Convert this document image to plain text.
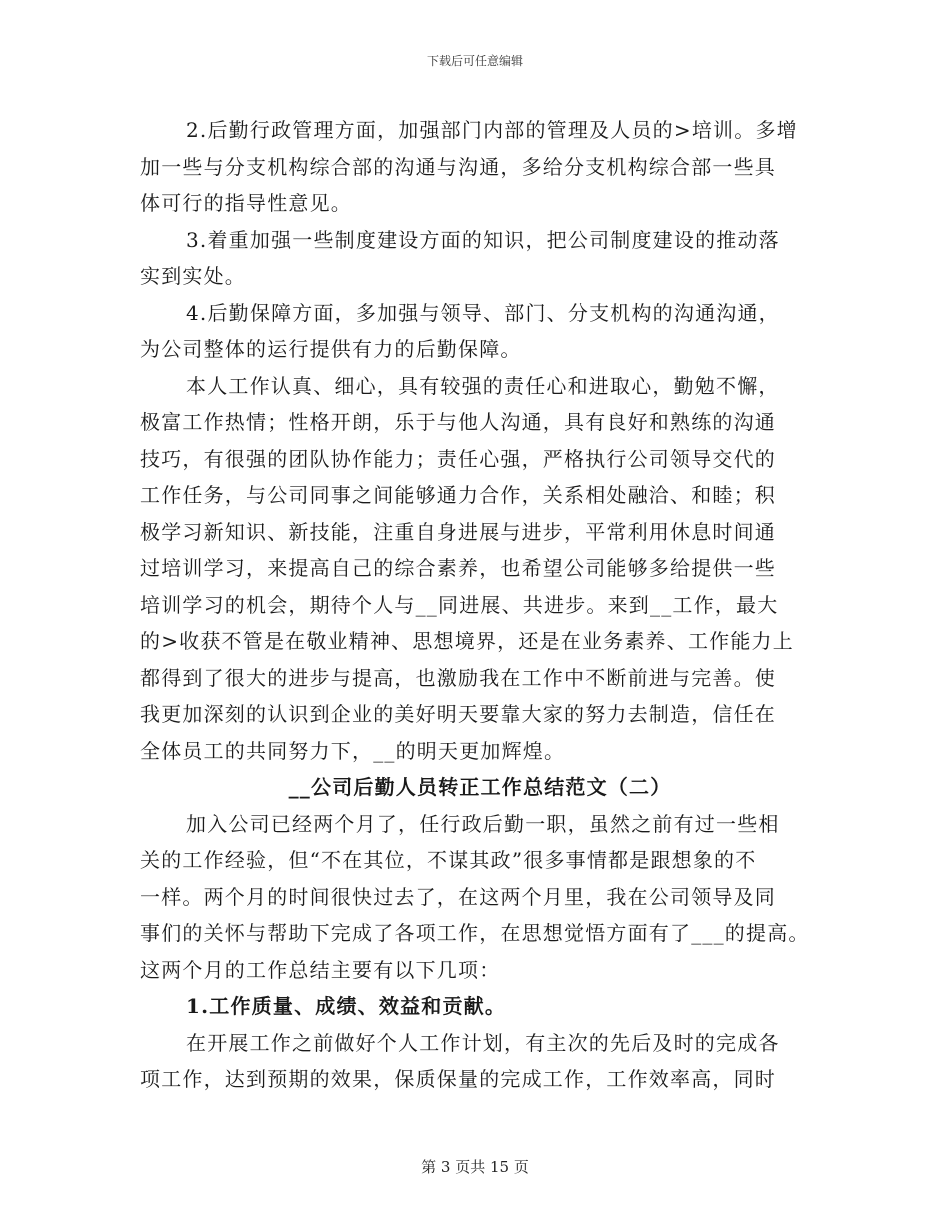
下载后可任意编辑
2.后勤行政管理方面，加强部门内部的管理及人员的>培训。多增
加一些与分支机构综合部的沟通与沟通，多给分支机构综合部一些具
体可行的指导性意见。
3.着重加强一些制度建设方面的知识，把公司制度建设的推动落
实到实处。
4.后勤保障方面，多加强与领导、部门、分支机构的沟通沟通，
为公司整体的运行提供有力的后勤保障。
本人工作认真、细心，具有较强的责任心和进取心，勤勉不懈，
极富工作热情；性格开朗，乐于与他人沟通，具有良好和熟练的沟通
技巧，有很强的团队协作能力；责任心强，严格执行公司领导交代的
工作任务，与公司同事之间能够通力合作，关系相处融洽、和睦；积
极学习新知识、新技能，注重自身进展与进步，平常利用休息时间通
过培训学习，来提高自己的综合素养，也希望公司能够多给提供一些
培训学习的机会，期待个人与__同进展、共进步。来到__工作，最大
的>收获不管是在敬业精神、思想境界，还是在业务素养、工作能力上
都得到了很大的进步与提高，也激励我在工作中不断前进与完善。使
我更加深刻的认识到企业的美好明天要靠大家的努力去制造，信任在
全体员工的共同努力下，__的明天更加辉煌。
__公司后勤人员转正工作总结范文（二）
加入公司已经两个月了，任行政后勤一职，虽然之前有过一些相
关的工作经验，但“不在其位，不谋其政”很多事情都是跟想象的不
一样。两个月的时间很快过去了，在这两个月里，我在公司领导及同
事们的关怀与帮助下完成了各项工作，在思想觉悟方面有了___的提高。
这两个月的工作总结主要有以下几项：
1.工作质量、成绩、效益和贡献。
在开展工作之前做好个人工作计划，有主次的先后及时的完成各
项工作，达到预期的效果，保质保量的完成工作，工作效率高，同时
第 3 页共 15 页
